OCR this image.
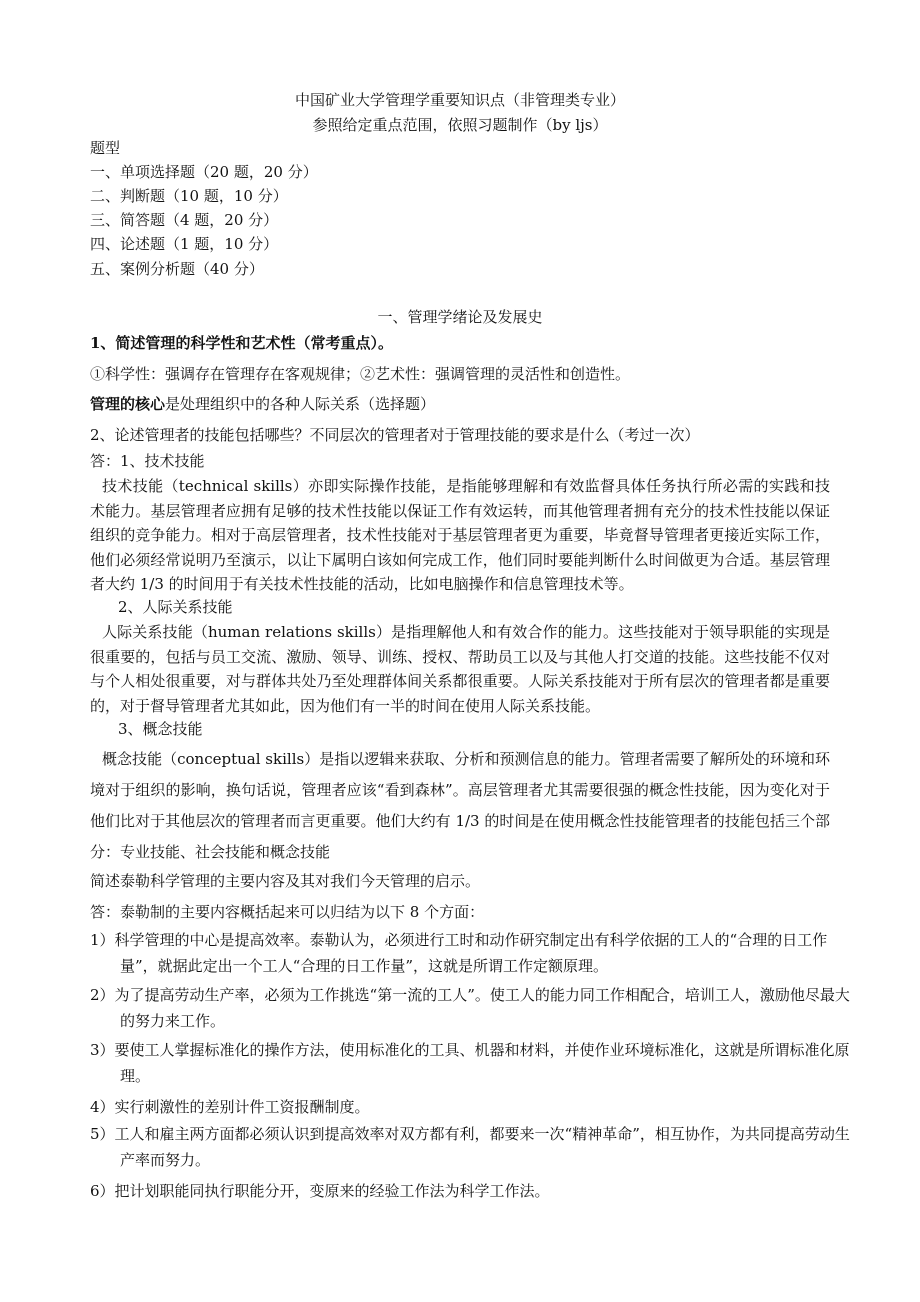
中国矿业大学管理学重要知识点（非管理类专业）

参照给定重点范围，依照习题制作（by ljs）

题型

一、单项选择题（20 题，20 分）

二、判断题（10 题，10 分）

三、简答题（4 题，20 分）

四、论述题（1 题，10 分）

五、案例分析题（40 分）

一、管理学绪论及发展史

1、简述管理的科学性和艺术性（常考重点）。

①科学性：强调存在管理存在客观规律；②艺术性：强调管理的灵活性和创造性。

管理的核心是处理组织中的各种人际关系（选择题）

2、论述管理者的技能包括哪些？不同层次的管理者对于管理技能的要求是什么（考过一次）

答：1、技术技能

技术技能（technical skills）亦即实际操作技能，是指能够理解和有效监督具体任务执行所必需的实践和技术能力。基层管理者应拥有足够的技术性技能以保证工作有效运转，而其他管理者拥有充分的技术性技能以保证组织的竞争能力。相对于高层管理者，技术性技能对于基层管理者更为重要，毕竟督导管理者更接近实际工作，他们必须经常说明乃至演示，以让下属明白该如何完成工作，他们同时要能判断什么时间做更为合适。基层管理者大约 1/3 的时间用于有关技术性技能的活动，比如电脑操作和信息管理技术等。

2、人际关系技能

人际关系技能（human relations skills）是指理解他人和有效合作的能力。这些技能对于领导职能的实现是很重要的，包括与员工交流、激励、领导、训练、授权、帮助员工以及与其他人打交道的技能。这些技能不仅对与个人相处很重要，对与群体共处乃至处理群体间关系都很重要。人际关系技能对于所有层次的管理者都是重要的，对于督导管理者尤其如此，因为他们有一半的时间在使用人际关系技能。

3、概念技能

概念技能（conceptual skills）是指以逻辑来获取、分析和预测信息的能力。管理者需要了解所处的环境和环境对于组织的影响，换句话说，管理者应该“看到森林”。高层管理者尤其需要很强的概念性技能，因为变化对于他们比对于其他层次的管理者而言更重要。他们大约有 1/3 的时间是在使用概念性技能管理者的技能包括三个部分：专业技能、社会技能和概念技能

简述泰勒科学管理的主要内容及其对我们今天管理的启示。

答：泰勒制的主要内容概括起来可以归结为以下 8 个方面：

1）科学管理的中心是提高效率。泰勒认为，必须进行工时和动作研究制定出有科学依据的工人的“合理的日工作量”，就据此定出一个工人“合理的日工作量”，这就是所谓工作定额原理。

2）为了提高劳动生产率，必须为工作挑选“第一流的工人”。使工人的能力同工作相配合，培训工人，激励他尽最大的努力来工作。

3）要使工人掌握标准化的操作方法，使用标准化的工具、机器和材料，并使作业环境标准化，这就是所谓标准化原理。

4）实行刺激性的差别计件工资报酬制度。

5）工人和雇主两方面都必须认识到提高效率对双方都有利，都要来一次“精神革命”，相互协作，为共同提高劳动生产率而努力。

6）把计划职能同执行职能分开，变原来的经验工作法为科学工作法。
